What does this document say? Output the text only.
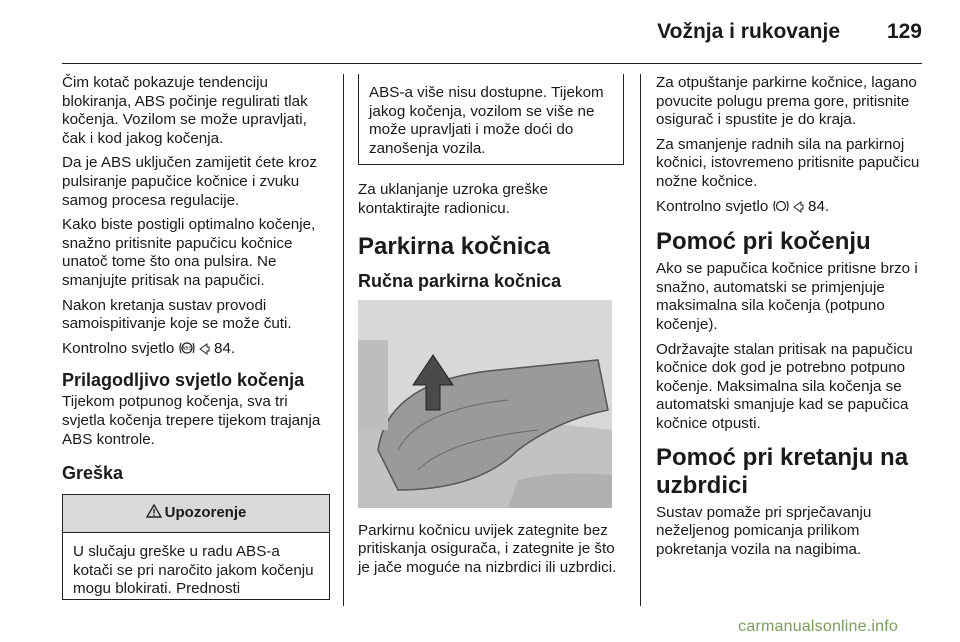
Vožnja i rukovanje 129

Čim kotač pokazuje tendenciju blokiranja, ABS počinje regulirati tlak kočenja. Vozilom se može upravljati, čak i kod jakog kočenja.

Da je ABS uključen zamijetit ćete kroz pulsiranje papučice kočnice i zvuku samog procesa regulacije.

Kako biste postigli optimalno kočenje, snažno pritisnite papučicu kočnice unatoč tome što ona pulsira. Ne smanjujte pritisak na papučici.

Nakon kretanja sustav provodi samoispitivanje koje se može čuti.

Kontrolno svjetlo ABS 84.

Prilagodljivo svjetlo kočenja

Tijekom potpunog kočenja, sva tri svjetla kočenja trepere tijekom trajanja ABS kontrole.

Greška
Upozorenje
U slučaju greške u radu ABS-a kotači se pri naročito jakom kočenju mogu blokirati. Prednosti
ABS-a više nisu dostupne. Tijekom jakog kočenja, vozilom se više ne može upravljati i može doći do zanošenja vozila.

Za uklanjanje uzroka greške kontaktirajte radionicu.

Parkirna kočnica
Ručna parkirna kočnica

Parkirnu kočnicu uvijek zategnite bez pritiskanja osigurača, i zategnite je što je jače moguće na nizbrdici ili uzbrdici.

Za otpuštanje parkirne kočnice, lagano povucite polugu prema gore, pritisnite osigurač i spustite je do kraja.

Za smanjenje radnih sila na parkirnoj kočnici, istovremeno pritisnite papučicu nožne kočnice.

Kontrolno svjetlo	84.

Pomoć pri kočenju

Ako se papučica kočnice pritisne brzo i snažno, automatski se primjenjuje maksimalna sila kočenja (potpuno kočenje).

Održavajte stalan pritisak na papučicu kočnice dok god je potrebno potpuno kočenje. Maksimalna sila kočenja se automatski smanjuje kad se papučica kočnice otpusti.

Pomoć pri kretanju na uzbrdici

Sustav pomaže pri sprječavanju neželjenog pomicanja prilikom pokretanja vozila na nagibima.

carmanualsonline.info
